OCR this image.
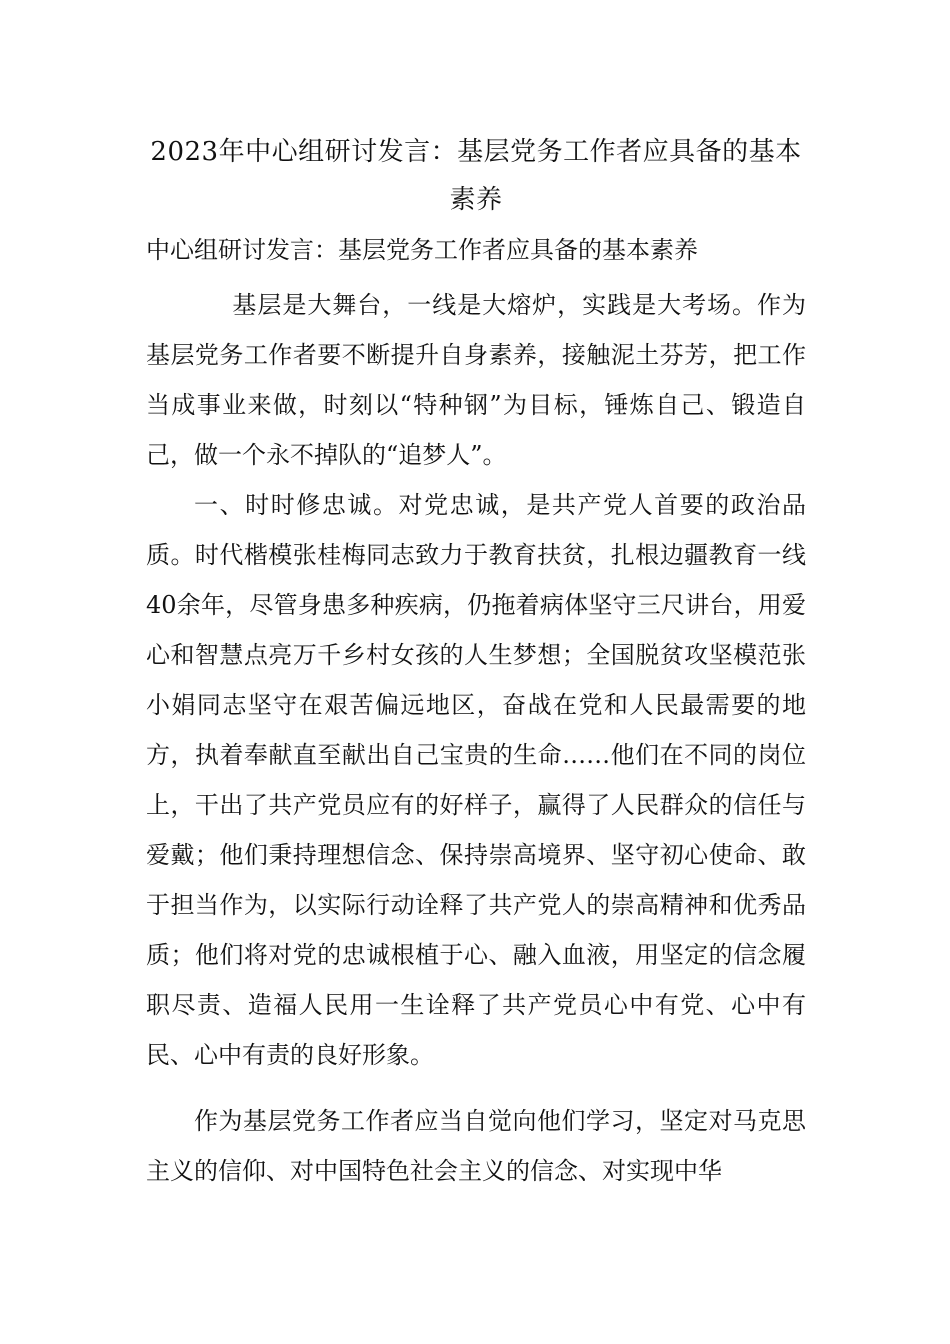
2023年中心组研讨发言：基层党务工作者应具备的基本素养
中心组研讨发言：基层党务工作者应具备的基本素养

基层是大舞台，一线是大熔炉，实践是大考场。作为基层党务工作者要不断提升自身素养，接触泥土芬芳，把工作当成事业来做，时刻以“特种钢”为目标，锤炼自己、锻造自己，做一个永不掉队的“追梦人”。

一、时时修忠诚。对党忠诚，是共产党人首要的政治品质。时代楷模张桂梅同志致力于教育扶贫，扎根边疆教育一线40余年，尽管身患多种疾病，仍拖着病体坚守三尺讲台，用爱心和智慧点亮万千乡村女孩的人生梦想；全国脱贫攻坚模范张小娟同志坚守在艰苦偏远地区，奋战在党和人民最需要的地方，执着奉献直至献出自己宝贵的生命……他们在不同的岗位上，干出了共产党员应有的好样子，赢得了人民群众的信任与爱戴；他们秉持理想信念、保持崇高境界、坚守初心使命、敢于担当作为，以实际行动诠释了共产党人的崇高精神和优秀品质；他们将对党的忠诚根植于心、融入血液，用坚定的信念履职尽责、造福人民用一生诠释了共产党员心中有党、心中有民、心中有责的良好形象。

作为基层党务工作者应当自觉向他们学习，坚定对马克思主义的信仰、对中国特色社会主义的信念、对实现中华
